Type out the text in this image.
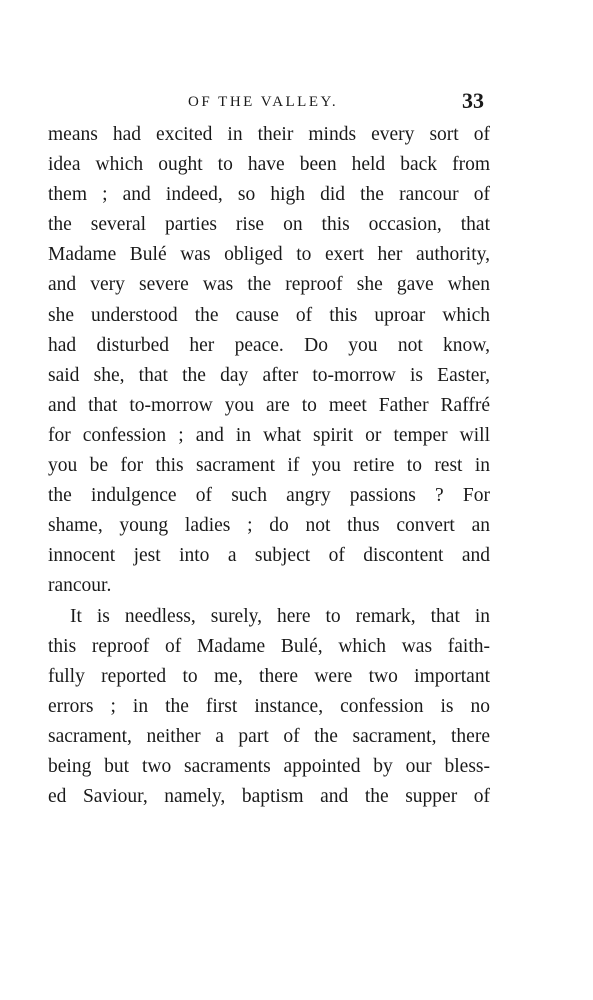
OF THE VALLEY.	33
means had excited in their minds every sort of
idea which ought to have been held back from
them ; and indeed, so high did the rancour of
the several parties rise on this occasion, that
Madame Bulé was obliged to exert her authority,
and very severe was the reproof she gave when
she understood the cause of this uproar which
had disturbed her peace. Do you not know,
said she, that the day after to-morrow is Easter,
and that to-morrow you are to meet Father Raffré
for confession ; and in what spirit or temper will
you be for this sacrament if you retire to rest in
the indulgence of such angry passions ? For
shame, young ladies ; do not thus convert an
innocent jest into a subject of discontent and
rancour.
It is needless, surely, here to remark, that in
this reproof of Madame Bulé, which was faith-
fully reported to me, there were two important
errors ; in the first instance, confession is no
sacrament, neither a part of the sacrament, there
being but two sacraments appointed by our bless-
ed Saviour, namely, baptism and the supper of
